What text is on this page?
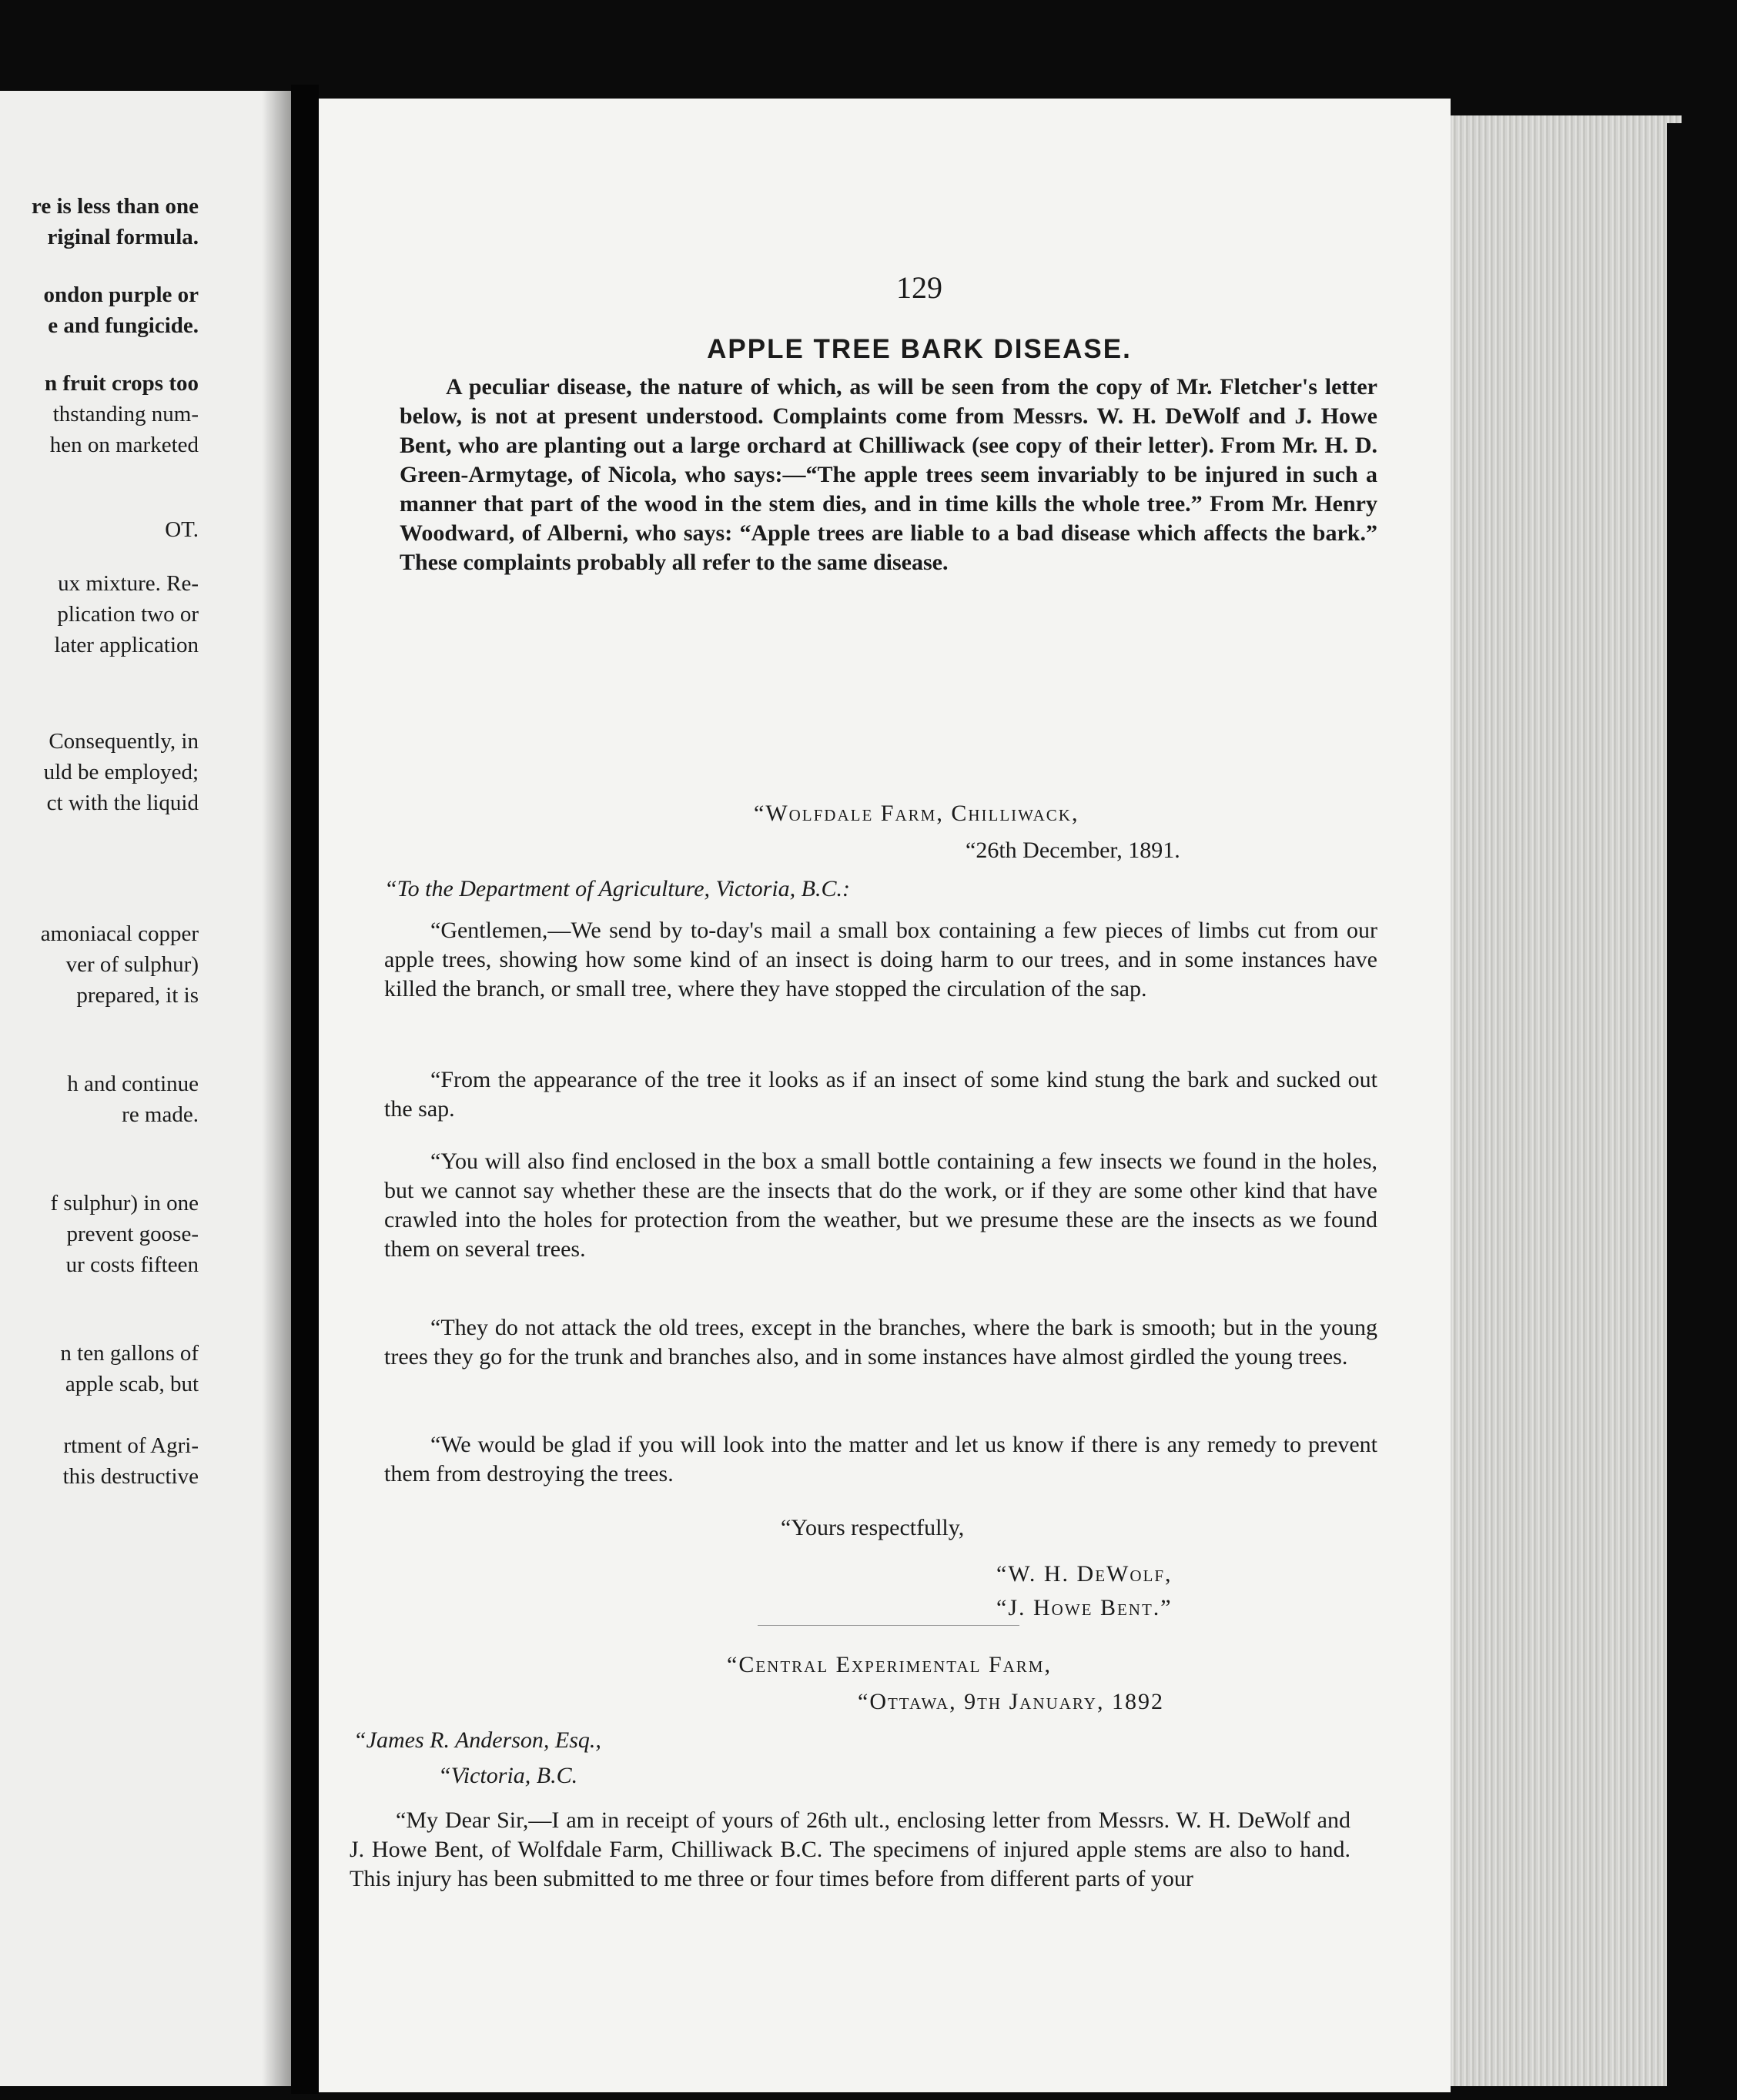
re is less than one
riginal formula.
ondon purple or
e and fungicide.
n fruit crops too
thstanding num-
hen on marketed
OT.
ux mixture. Re-
plication two or
later application
Consequently, in
uld be employed;
ct with the liquid
amoniacal copper
ver of sulphur)
prepared, it is
h and continue
re made.
f sulphur) in one
prevent goose-
ur costs fifteen
n ten gallons of
apple scab, but
rtment of Agri-
this destructive
129
APPLE TREE BARK DISEASE.

A peculiar disease, the nature of which, as will be seen from the copy of Mr. Fletcher's letter below, is not at present understood. Complaints come from Messrs. W. H. DeWolf and J. Howe Bent, who are planting out a large orchard at Chilliwack (see copy of their letter). From Mr. H. D. Green-Armytage, of Nicola, who says:—“The apple trees seem invariably to be injured in such a manner that part of the wood in the stem dies, and in time kills the whole tree.” From Mr. Henry Woodward, of Alberni, who says: “Apple trees are liable to a bad disease which affects the bark.” These complaints probably all refer to the same disease.

“Wolfdale Farm, Chilliwack,

“26th December, 1891.

“To the Department of Agriculture, Victoria, B.C.:

“Gentlemen,—We send by to-day's mail a small box containing a few pieces of limbs cut from our apple trees, showing how some kind of an insect is doing harm to our trees, and in some instances have killed the branch, or small tree, where they have stopped the circulation of the sap.

“From the appearance of the tree it looks as if an insect of some kind stung the bark and sucked out the sap.

“You will also find enclosed in the box a small bottle containing a few insects we found in the holes, but we cannot say whether these are the insects that do the work, or if they are some other kind that have crawled into the holes for protection from the weather, but we presume these are the insects as we found them on several trees.

“They do not attack the old trees, except in the branches, where the bark is smooth; but in the young trees they go for the trunk and branches also, and in some instances have almost girdled the young trees.

“We would be glad if you will look into the matter and let us know if there is any remedy to prevent them from destroying the trees.

“Yours respectfully,

“W. H. DeWolf,

“J. Howe Bent.”

“Central Experimental Farm,

“Ottawa, 9th January, 1892

“James R. Anderson, Esq.,

“Victoria, B.C.

“My Dear Sir,—I am in receipt of yours of 26th ult., enclosing letter from Messrs. W. H. DeWolf and J. Howe Bent, of Wolfdale Farm, Chilliwack B.C. The specimens of injured apple stems are also to hand. This injury has been submitted to me three or four times before from different parts of your
